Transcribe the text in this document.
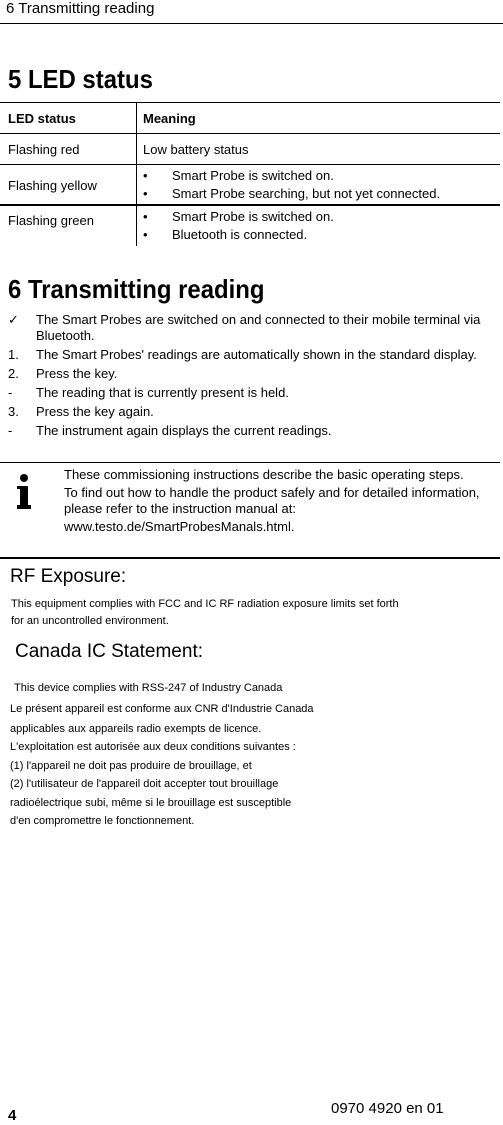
6 Transmitting reading
5 LED status
LED status	Meaning
Flashing red	Low battery status
Flashing yellow
•	Smart Probe is switched on.
•	Smart Probe searching, but not yet connected.
Flashing green	•	Smart Probe is switched on.
•	Bluetooth is connected.
6 Transmitting reading
✓	The Smart Probes are switched on and connected to their mobile terminal via Bluetooth.
1.	The Smart Probes' readings are automatically shown in the standard display.
2.	Press the key.
-	The reading that is currently present is held.
3.	Press the key again.
-	The instrument again displays the current readings.

These commissioning instructions describe the basic operating steps.

To find out how to handle the product safely and for detailed information, please refer to the instruction manual at:

www.testo.de/SmartProbesManals.html.

RF Exposure:
This equipment complies with FCC and IC RF radiation exposure limits set forth
for an uncontrolled environment.
Canada IC Statement:
This device complies with RSS-247 of Industry Canada
Le présent appareil est conforme aux CNR d'Industrie Canada
applicables aux appareils radio exempts de licence.
L'exploitation est autorisée aux deux conditions suivantes :
(1) l'appareil ne doit pas produire de brouillage, et
(2) l'utilisateur de l'appareil doit accepter tout brouillage
radioélectrique subi, même si le brouillage est susceptible
d'en compromettre le fonctionnement.
4	0970 4920 en 01
